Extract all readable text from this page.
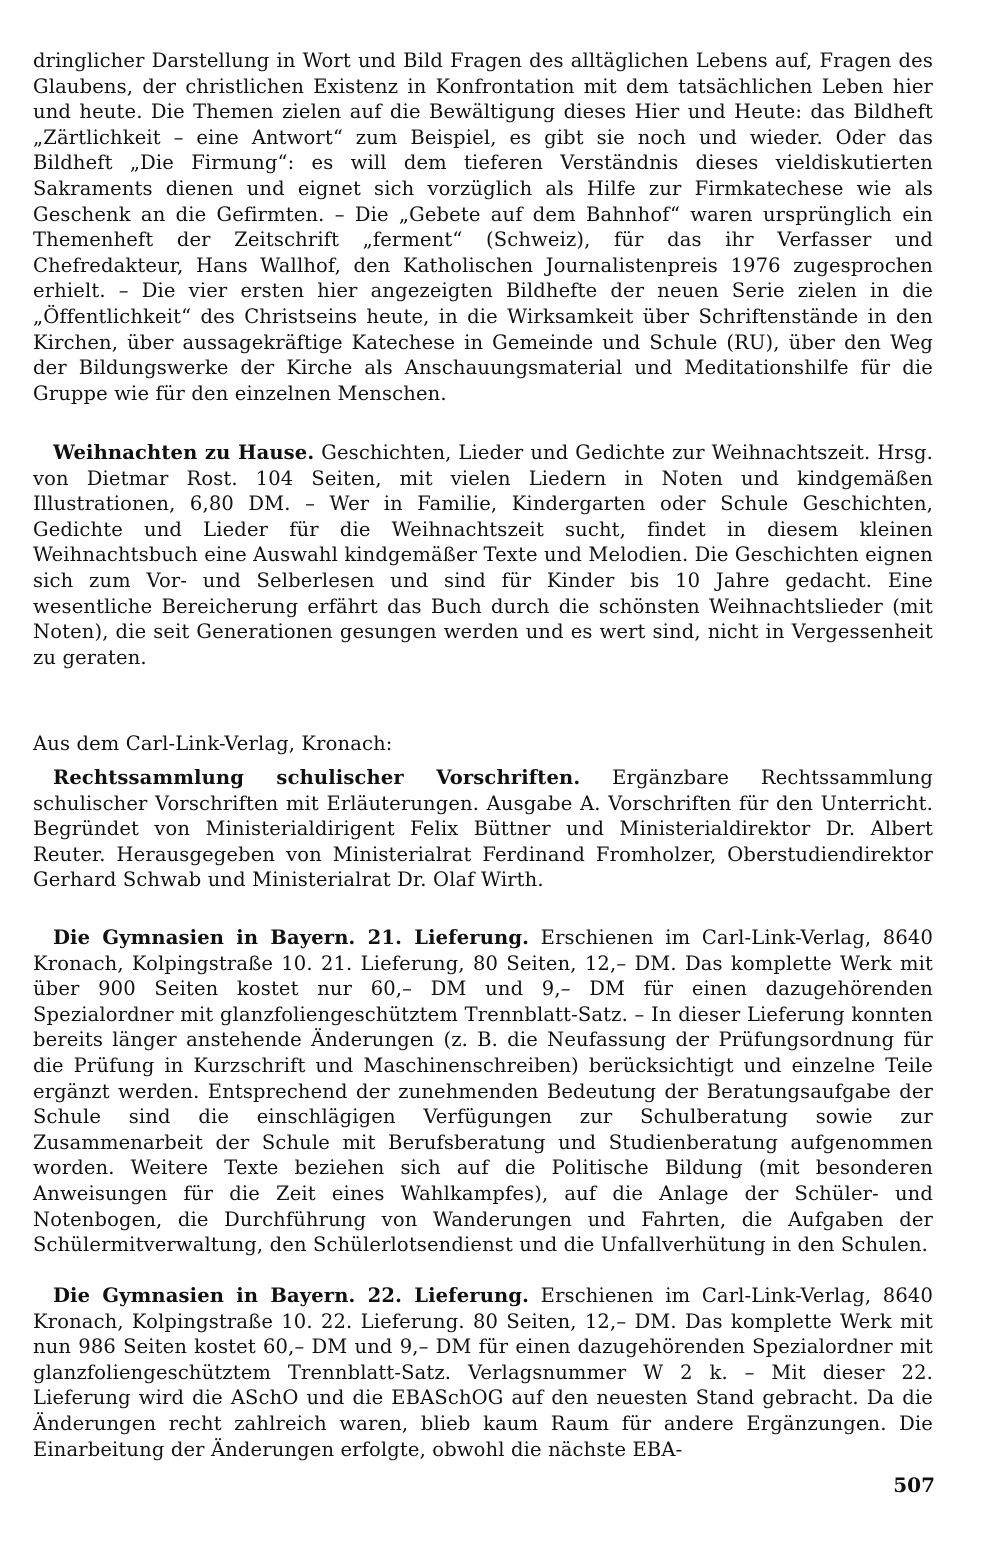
dringlicher Darstellung in Wort und Bild Fragen des alltäglichen Lebens auf, Fragen des Glaubens, der christlichen Existenz in Konfrontation mit dem tatsächlichen Leben hier und heute. Die Themen zielen auf die Bewältigung dieses Hier und Heute: das Bildheft „Zärtlichkeit – eine Antwort“ zum Beispiel, es gibt sie noch und wieder. Oder das Bildheft „Die Firmung“: es will dem tieferen Verständnis dieses vieldiskutierten Sakraments dienen und eignet sich vorzüglich als Hilfe zur Firmkatechese wie als Geschenk an die Gefirmten. – Die „Gebete auf dem Bahnhof“ waren ursprünglich ein Themenheft der Zeitschrift „ferment“ (Schweiz), für das ihr Verfasser und Chefredakteur, Hans Wallhof, den Katholischen Journalistenpreis 1976 zugesprochen erhielt. – Die vier ersten hier angezeigten Bildhefte der neuen Serie zielen in die „Öffentlichkeit“ des Christseins heute, in die Wirksamkeit über Schriftenstände in den Kirchen, über aussagekräftige Katechese in Gemeinde und Schule (RU), über den Weg der Bildungswerke der Kirche als Anschauungsmaterial und Meditationshilfe für die Gruppe wie für den einzelnen Menschen.

Weihnachten zu Hause. Geschichten, Lieder und Gedichte zur Weihnachtszeit. Hrsg. von Dietmar Rost. 104 Seiten, mit vielen Liedern in Noten und kindgemäßen Illustrationen, 6,80 DM. – Wer in Familie, Kindergarten oder Schule Geschichten, Gedichte und Lieder für die Weihnachtszeit sucht, findet in diesem kleinen Weihnachtsbuch eine Auswahl kindgemäßer Texte und Melodien. Die Geschichten eignen sich zum Vor- und Selberlesen und sind für Kinder bis 10 Jahre gedacht. Eine wesentliche Bereicherung erfährt das Buch durch die schönsten Weihnachtslieder (mit Noten), die seit Generationen gesungen werden und es wert sind, nicht in Vergessenheit zu geraten.

Aus dem Carl-Link-Verlag, Kronach:

Rechtssammlung schulischer Vorschriften. Ergänzbare Rechtssammlung schulischer Vorschriften mit Erläuterungen. Ausgabe A. Vorschriften für den Unterricht. Begründet von Ministerialdirigent Felix Büttner und Ministerialdirektor Dr. Albert Reuter. Herausgegeben von Ministerialrat Ferdinand Fromholzer, Oberstudiendirektor Gerhard Schwab und Ministerialrat Dr. Olaf Wirth.

Die Gymnasien in Bayern. 21. Lieferung. Erschienen im Carl-Link-Verlag, 8640 Kronach, Kolpingstraße 10. 21. Lieferung, 80 Seiten, 12,– DM. Das komplette Werk mit über 900 Seiten kostet nur 60,– DM und 9,– DM für einen dazugehörenden Spezialordner mit glanzfoliengeschütztem Trennblatt-Satz. – In dieser Lieferung konnten bereits länger anstehende Änderungen (z. B. die Neufassung der Prüfungsordnung für die Prüfung in Kurzschrift und Maschinenschreiben) berücksichtigt und einzelne Teile ergänzt werden. Entsprechend der zunehmenden Bedeutung der Beratungsaufgabe der Schule sind die einschlägigen Verfügungen zur Schulberatung sowie zur Zusammenarbeit der Schule mit Berufsberatung und Studienberatung aufgenommen worden. Weitere Texte beziehen sich auf die Politische Bildung (mit besonderen Anweisungen für die Zeit eines Wahlkampfes), auf die Anlage der Schüler- und Notenbogen, die Durchführung von Wanderungen und Fahrten, die Aufgaben der Schülermitverwaltung, den Schülerlotsendienst und die Unfallverhütung in den Schulen.

Die Gymnasien in Bayern. 22. Lieferung. Erschienen im Carl-Link-Verlag, 8640 Kronach, Kolpingstraße 10. 22. Lieferung. 80 Seiten, 12,– DM. Das komplette Werk mit nun 986 Seiten kostet 60,– DM und 9,– DM für einen dazugehörenden Spezialordner mit glanzfoliengeschütztem Trennblatt-Satz. Verlagsnummer W 2 k. – Mit dieser 22. Lieferung wird die ASchO und die EBASchOG auf den neuesten Stand gebracht. Da die Änderungen recht zahlreich waren, blieb kaum Raum für andere Ergänzungen. Die Einarbeitung der Änderungen erfolgte, obwohl die nächste EBA-

507
